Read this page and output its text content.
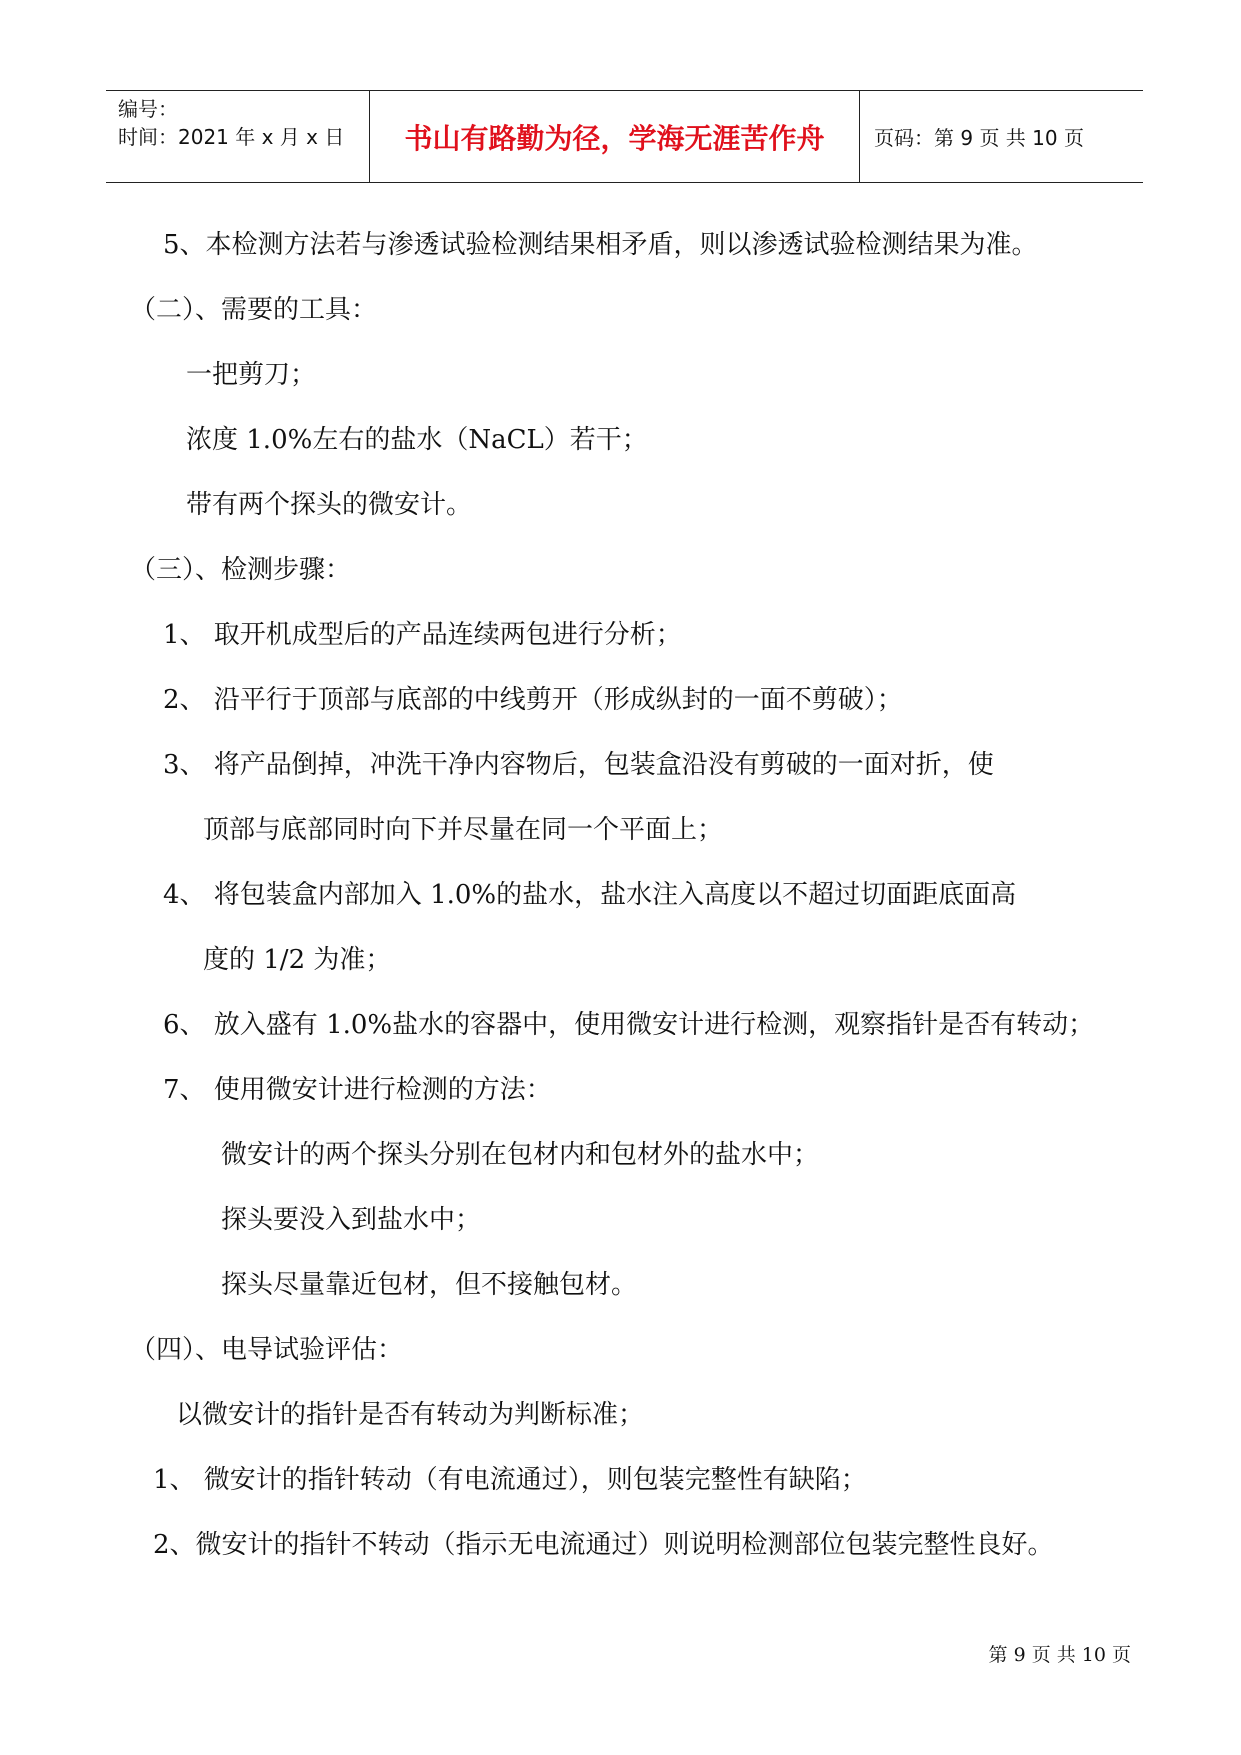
编号：
时间：2021 年 x 月 x 日	书山有路勤为径，学海无涯苦作舟 页码：第 9 页 共 10 页
5、本检测方法若与渗透试验检测结果相矛盾，则以渗透试验检测结果为准。
（二）、需要的工具：
一把剪刀；
浓度 1.0%左右的盐水（NaCL）若干；
带有两个探头的微安计。
（三）、检测步骤：
1、 取开机成型后的产品连续两包进行分析；
2、 沿平行于顶部与底部的中线剪开（形成纵封的一面不剪破）；
3、 将产品倒掉，冲洗干净内容物后，包装盒沿没有剪破的一面对折，使
顶部与底部同时向下并尽量在同一个平面上；
4、 将包装盒内部加入 1.0%的盐水，盐水注入高度以不超过切面距底面高
度的 1/2 为准；
6、 放入盛有 1.0%盐水的容器中，使用微安计进行检测，观察指针是否有转动；
7、 使用微安计进行检测的方法：
微安计的两个探头分别在包材内和包材外的盐水中；
探头要没入到盐水中；
探头尽量靠近包材，但不接触包材。
（四）、电导试验评估：
以微安计的指针是否有转动为判断标准；
1、 微安计的指针转动（有电流通过），则包装完整性有缺陷；
2、微安计的指针不转动（指示无电流通过）则说明检测部位包装完整性良好。
第 9 页 共 10 页
